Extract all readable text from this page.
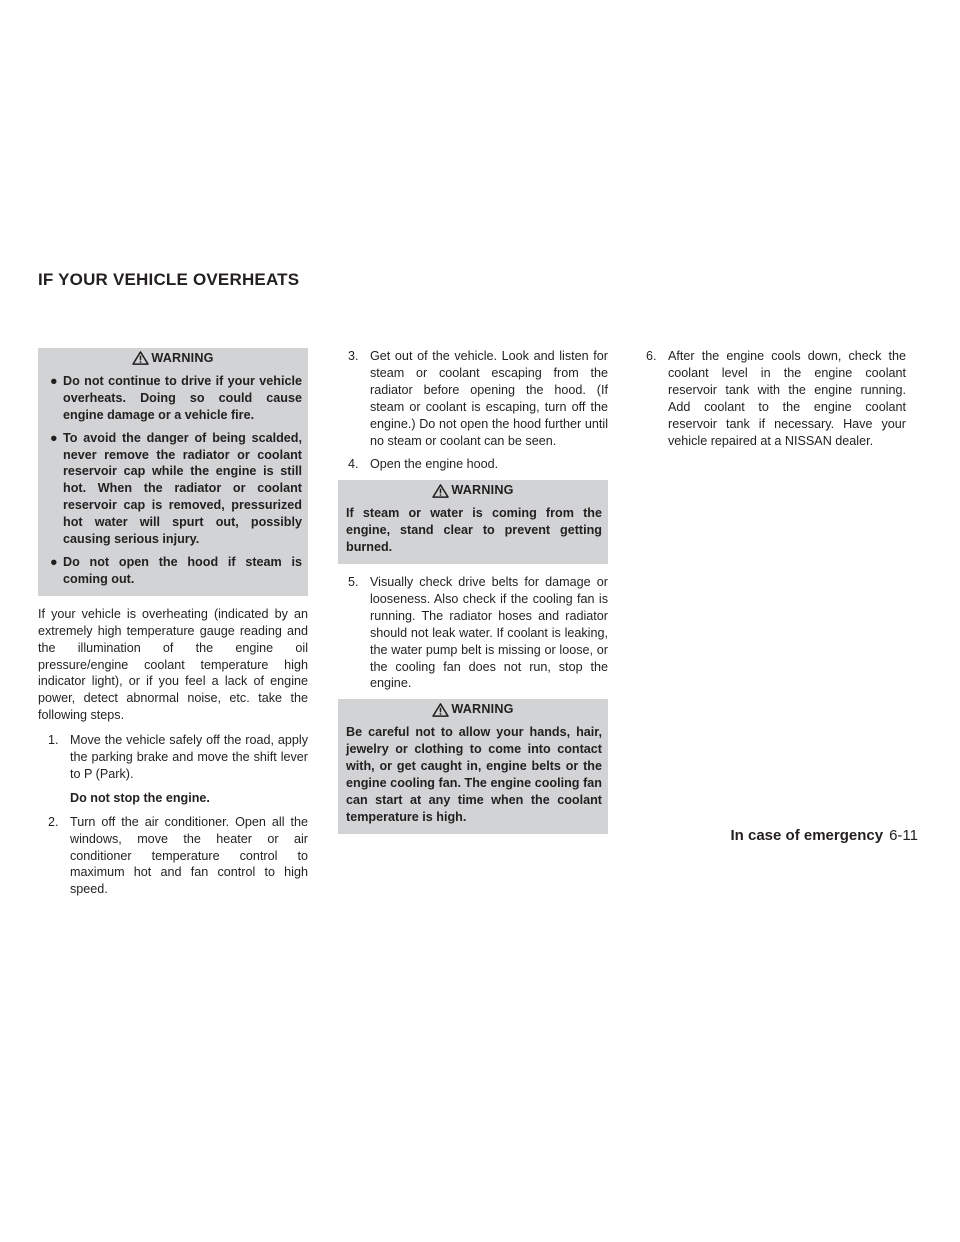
IF YOUR VEHICLE OVERHEATS
WARNING
● Do not continue to drive if your vehicle overheats. Doing so could cause engine damage or a vehicle fire.
● To avoid the danger of being scalded, never remove the radiator or coolant reservoir cap while the engine is still hot. When the radiator or coolant reservoir cap is removed, pressurized hot water will spurt out, possibly causing serious injury.
● Do not open the hood if steam is coming out.

If your vehicle is overheating (indicated by an extremely high temperature gauge reading and the illumination of the engine oil pressure/engine coolant temperature high indicator light), or if you feel a lack of engine power, detect abnormal noise, etc. take the following steps.

1. Move the vehicle safely off the road, apply the parking brake and move the shift lever to P (Park).
Do not stop the engine.
2. Turn off the air conditioner. Open all the windows, move the heater or air conditioner temperature control to maximum hot and fan control to high speed.
3. Get out of the vehicle. Look and listen for steam or coolant escaping from the radiator before opening the hood. (If steam or coolant is escaping, turn off the engine.) Do not open the hood further until no steam or coolant can be seen.
4. Open the engine hood.
WARNING
If steam or water is coming from the engine, stand clear to prevent getting burned.
5. Visually check drive belts for damage or looseness. Also check if the cooling fan is running. The radiator hoses and radiator should not leak water. If coolant is leaking, the water pump belt is missing or loose, or the cooling fan does not run, stop the engine.
WARNING
Be careful not to allow your hands, hair, jewelry or clothing to come into contact with, or get caught in, engine belts or the engine cooling fan. The engine cooling fan can start at any time when the coolant temperature is high.
6. After the engine cools down, check the coolant level in the engine coolant reservoir tank with the engine running. Add coolant to the engine coolant reservoir tank if necessary. Have your vehicle repaired at a NISSAN dealer.
In case of emergency 6-11
